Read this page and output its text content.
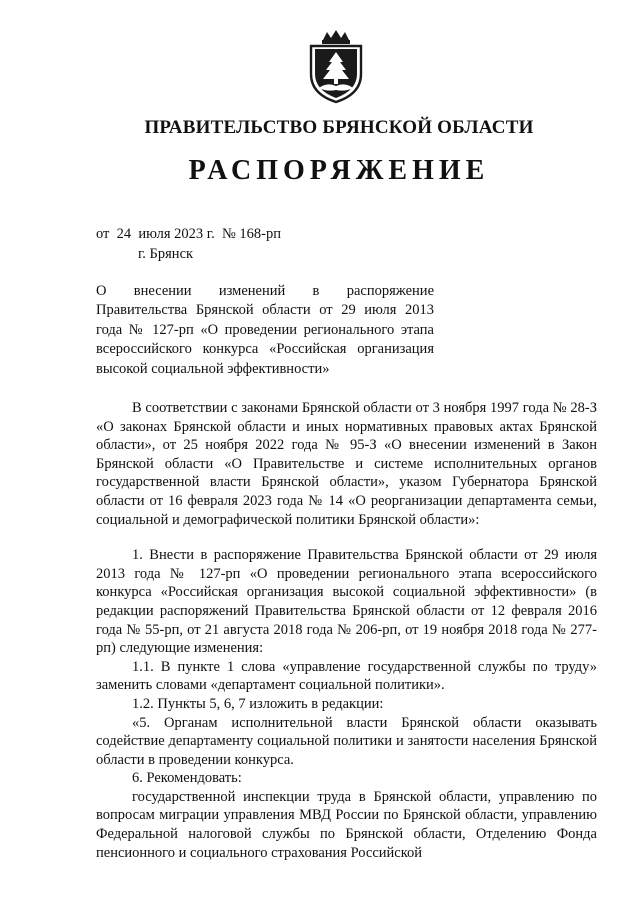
ПРАВИТЕЛЬСТВО БРЯНСКОЙ ОБЛАСТИ
РАСПОРЯЖЕНИЕ
от  24  июля 2023 г.  № 168-рп
г. Брянск
О внесении изменений в распоряжение Правительства Брянской области от 29 июля 2013 года № 127-рп «О проведении регионального этапа всероссийского конкурса «Российская организация высокой социальной эффективности»

В соответствии с законами Брянской области от 3 ноября 1997 года № 28-З «О законах Брянской области и иных нормативных правовых актах Брянской области», от 25 ноября 2022 года № 95-З «О внесении изменений в Закон Брянской области «О Правительстве и системе исполнительных органов государственной власти Брянской области», указом Губернатора Брянской области от 16 февраля 2023 года № 14 «О реорганизации департамента семьи, социальной и демографической политики Брянской области»:

1. Внести в распоряжение Правительства Брянской области от 29 июля 2013 года № 127-рп «О проведении регионального этапа всероссийского конкурса «Российская организация высокой социальной эффективности» (в редакции распоряжений Правительства Брянской области от 12 февраля 2016 года № 55-рп, от 21 августа 2018 года № 206-рп, от 19 ноября 2018 года № 277-рп) следующие изменения:

1.1. В пункте 1 слова «управление государственной службы по труду» заменить словами «департамент социальной политики».

1.2. Пункты 5, 6, 7 изложить в редакции:

«5. Органам исполнительной власти Брянской области оказывать содействие департаменту социальной политики и занятости населения Брянской области в проведении конкурса.

6. Рекомендовать:

государственной инспекции труда в Брянской области, управлению по вопросам миграции управления МВД России по Брянской области, управлению Федеральной налоговой службы по Брянской области, Отделению Фонда пенсионного и социального страхования Российской
